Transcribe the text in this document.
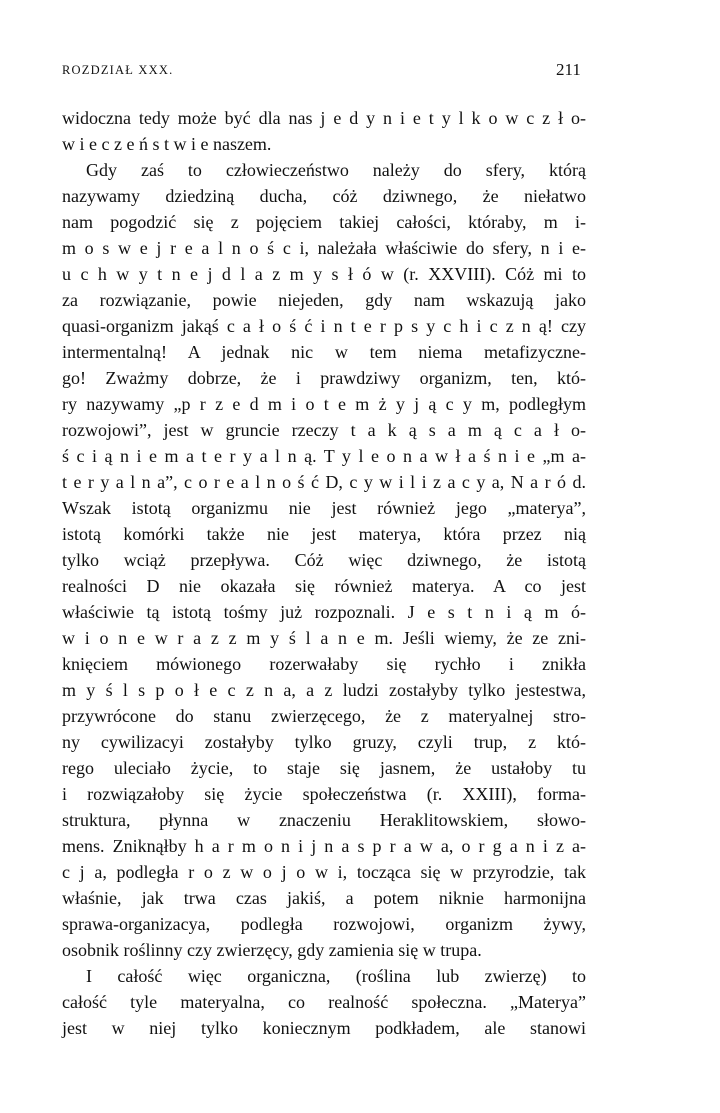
ROZDZIAŁ XXX.	211
widoczna tedy może być dla nas j e d y n i e t y l k o w c z ł o-
w i e c z e ń s t w i e naszem.
Gdy zaś to człowieczeństwo należy do sfery, którą
nazywamy dziedziną ducha, cóż dziwnego, że niełatwo
nam pogodzić się z pojęciem takiej całości, któraby, m i-
m o s w e j r e a l n o ś c i, należała właściwie do sfery, n i e-
u c h w y t n e j d l a z m y s ł ó w (r. XXVIII). Cóż mi to
za rozwiązanie, powie niejeden, gdy nam wskazują jako
quasi-organizm jakąś c a ł o ś ć i n t e r p s y c h i c z n ą! czy
intermentalną! A jednak nic w tem niema metafizyczne-
go! Zważmy dobrze, że i prawdziwy organizm, ten, któ-
ry nazywamy „p r z e d m i o t e m ż y j ą c y m, podległym
rozwojowi”, jest w gruncie rzeczy t a k ą s a m ą c a ł o-
ś c i ą n i e m a t e r y a l n ą. T y l e o n a w ł a ś n i e „m a-
t e r y a l n a”, c o r e a l n o ś ć D, c y w i l i z a c y a, N a r ó d.
Wszak istotą organizmu nie jest również jego „materya”,
istotą komórki także nie jest materya, która przez nią
tylko wciąż przepływa. Cóż więc dziwnego, że istotą
realności D nie okazała się również materya. A co jest
właściwie tą istotą tośmy już rozpoznali. J e s t n i ą m ó-
w i o n e w r a z z m y ś l a n e m. Jeśli wiemy, że ze zni-
knięciem mówionego rozerwałaby się rychło i znikła
m y ś l s p o ł e c z n a, a z ludzi zostałyby tylko jestestwa,
przywrócone do stanu zwierzęcego, że z materyalnej stro-
ny cywilizacyi zostałyby tylko gruzy, czyli trup, z któ-
rego uleciało życie, to staje się jasnem, że ustałoby tu
i rozwiązałoby się życie społeczeństwa (r. XXIII), forma-
struktura, płynna w znaczeniu Heraklitowskiem, słowo-
mens. Zniknąłby h a r m o n i j n a s p r a w a, o r g a n i z a-
c j a, podległa r o z w o j o w i, tocząca się w przyrodzie, tak
właśnie, jak trwa czas jakiś, a potem niknie harmonijna
sprawa-organizacya, podległa rozwojowi, organizm żywy,
osobnik roślinny czy zwierzęcy, gdy zamienia się w trupa.
I całość więc organiczna, (roślina lub zwierzę) to
całość tyle materyalna, co realność społeczna. „Materya”
jest w niej tylko koniecznym podkładem, ale stanowi
